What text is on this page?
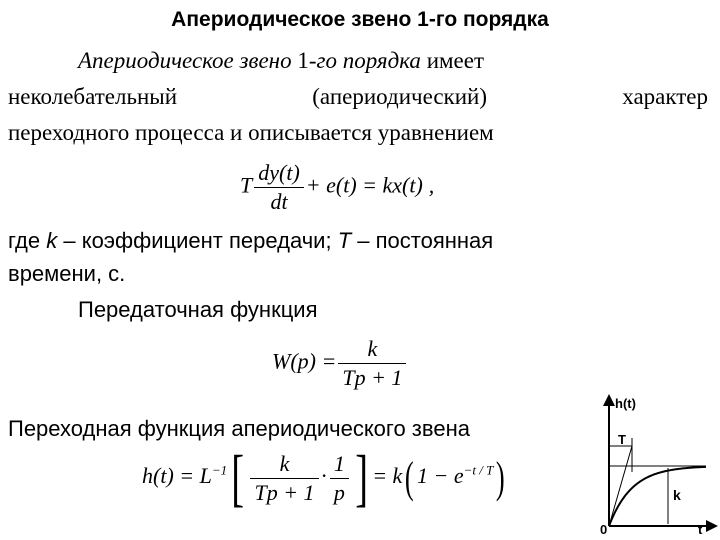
Апериодическое звено 1-го порядка
Апериодическое звено 1-го порядка имеет
неколебательный	(апериодический)	характер
переходного процесса и описывается уравнением
T $\frac{dy(t)}{dt} + e(t) = kx(t)$ ,
где k – коэффициент передачи; T – постоянная
времени, с.
Передаточная функция
$W(p) = \frac{k}{Tp + 1}$
Переходная функция апериодического звена
$h(t) = L^{-1}[ \frac{k}{Tp + 1} \cdot \frac{1}{p}$ ] = k( $1 - e^{-t / T}$)
h(t)
T
k
0	t
